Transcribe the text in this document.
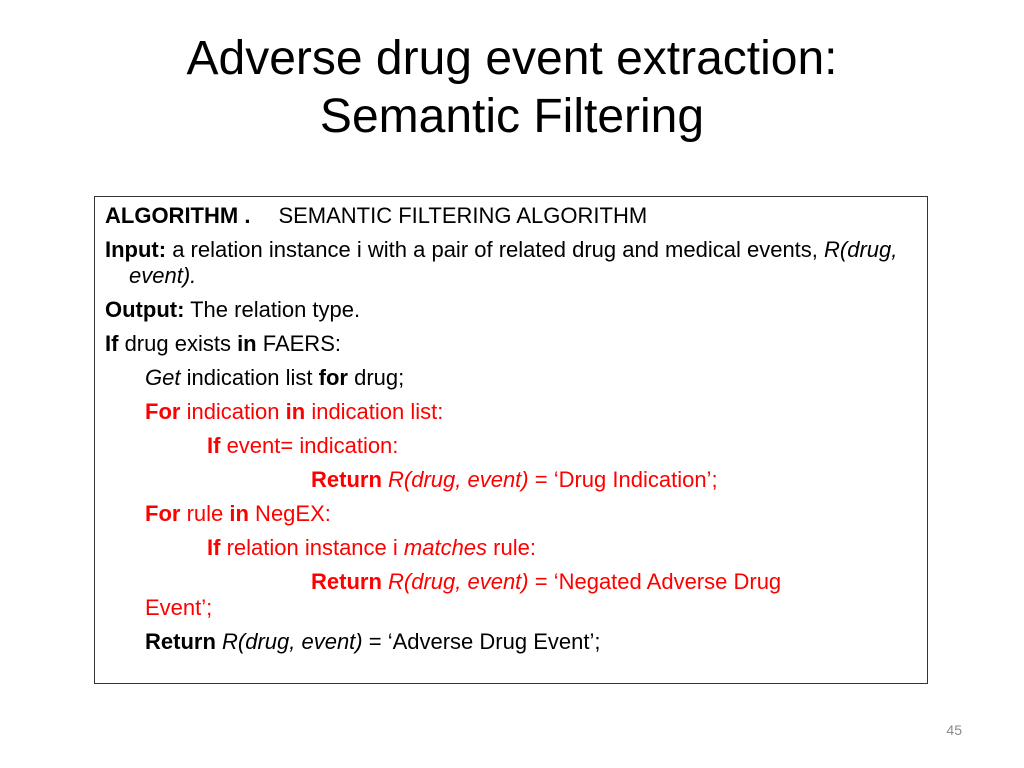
Adverse drug event extraction:
Semantic Filtering
ALGORITHM . SEMANTIC FILTERING ALGORITHM
Input: a relation instance i with a pair of related drug and medical events, R(drug, event).
Output: The relation type.
If drug exists in FAERS:
Get indication list for drug;
For indication in indication list:
If event= indication:
Return R(drug, event) = ‘Drug Indication’;
For rule in NegEX:
If relation instance i matches rule:
Return R(drug, event) = ‘Negated Adverse Drug
Event’;
Return R(drug, event) = ‘Adverse Drug Event’;
45
